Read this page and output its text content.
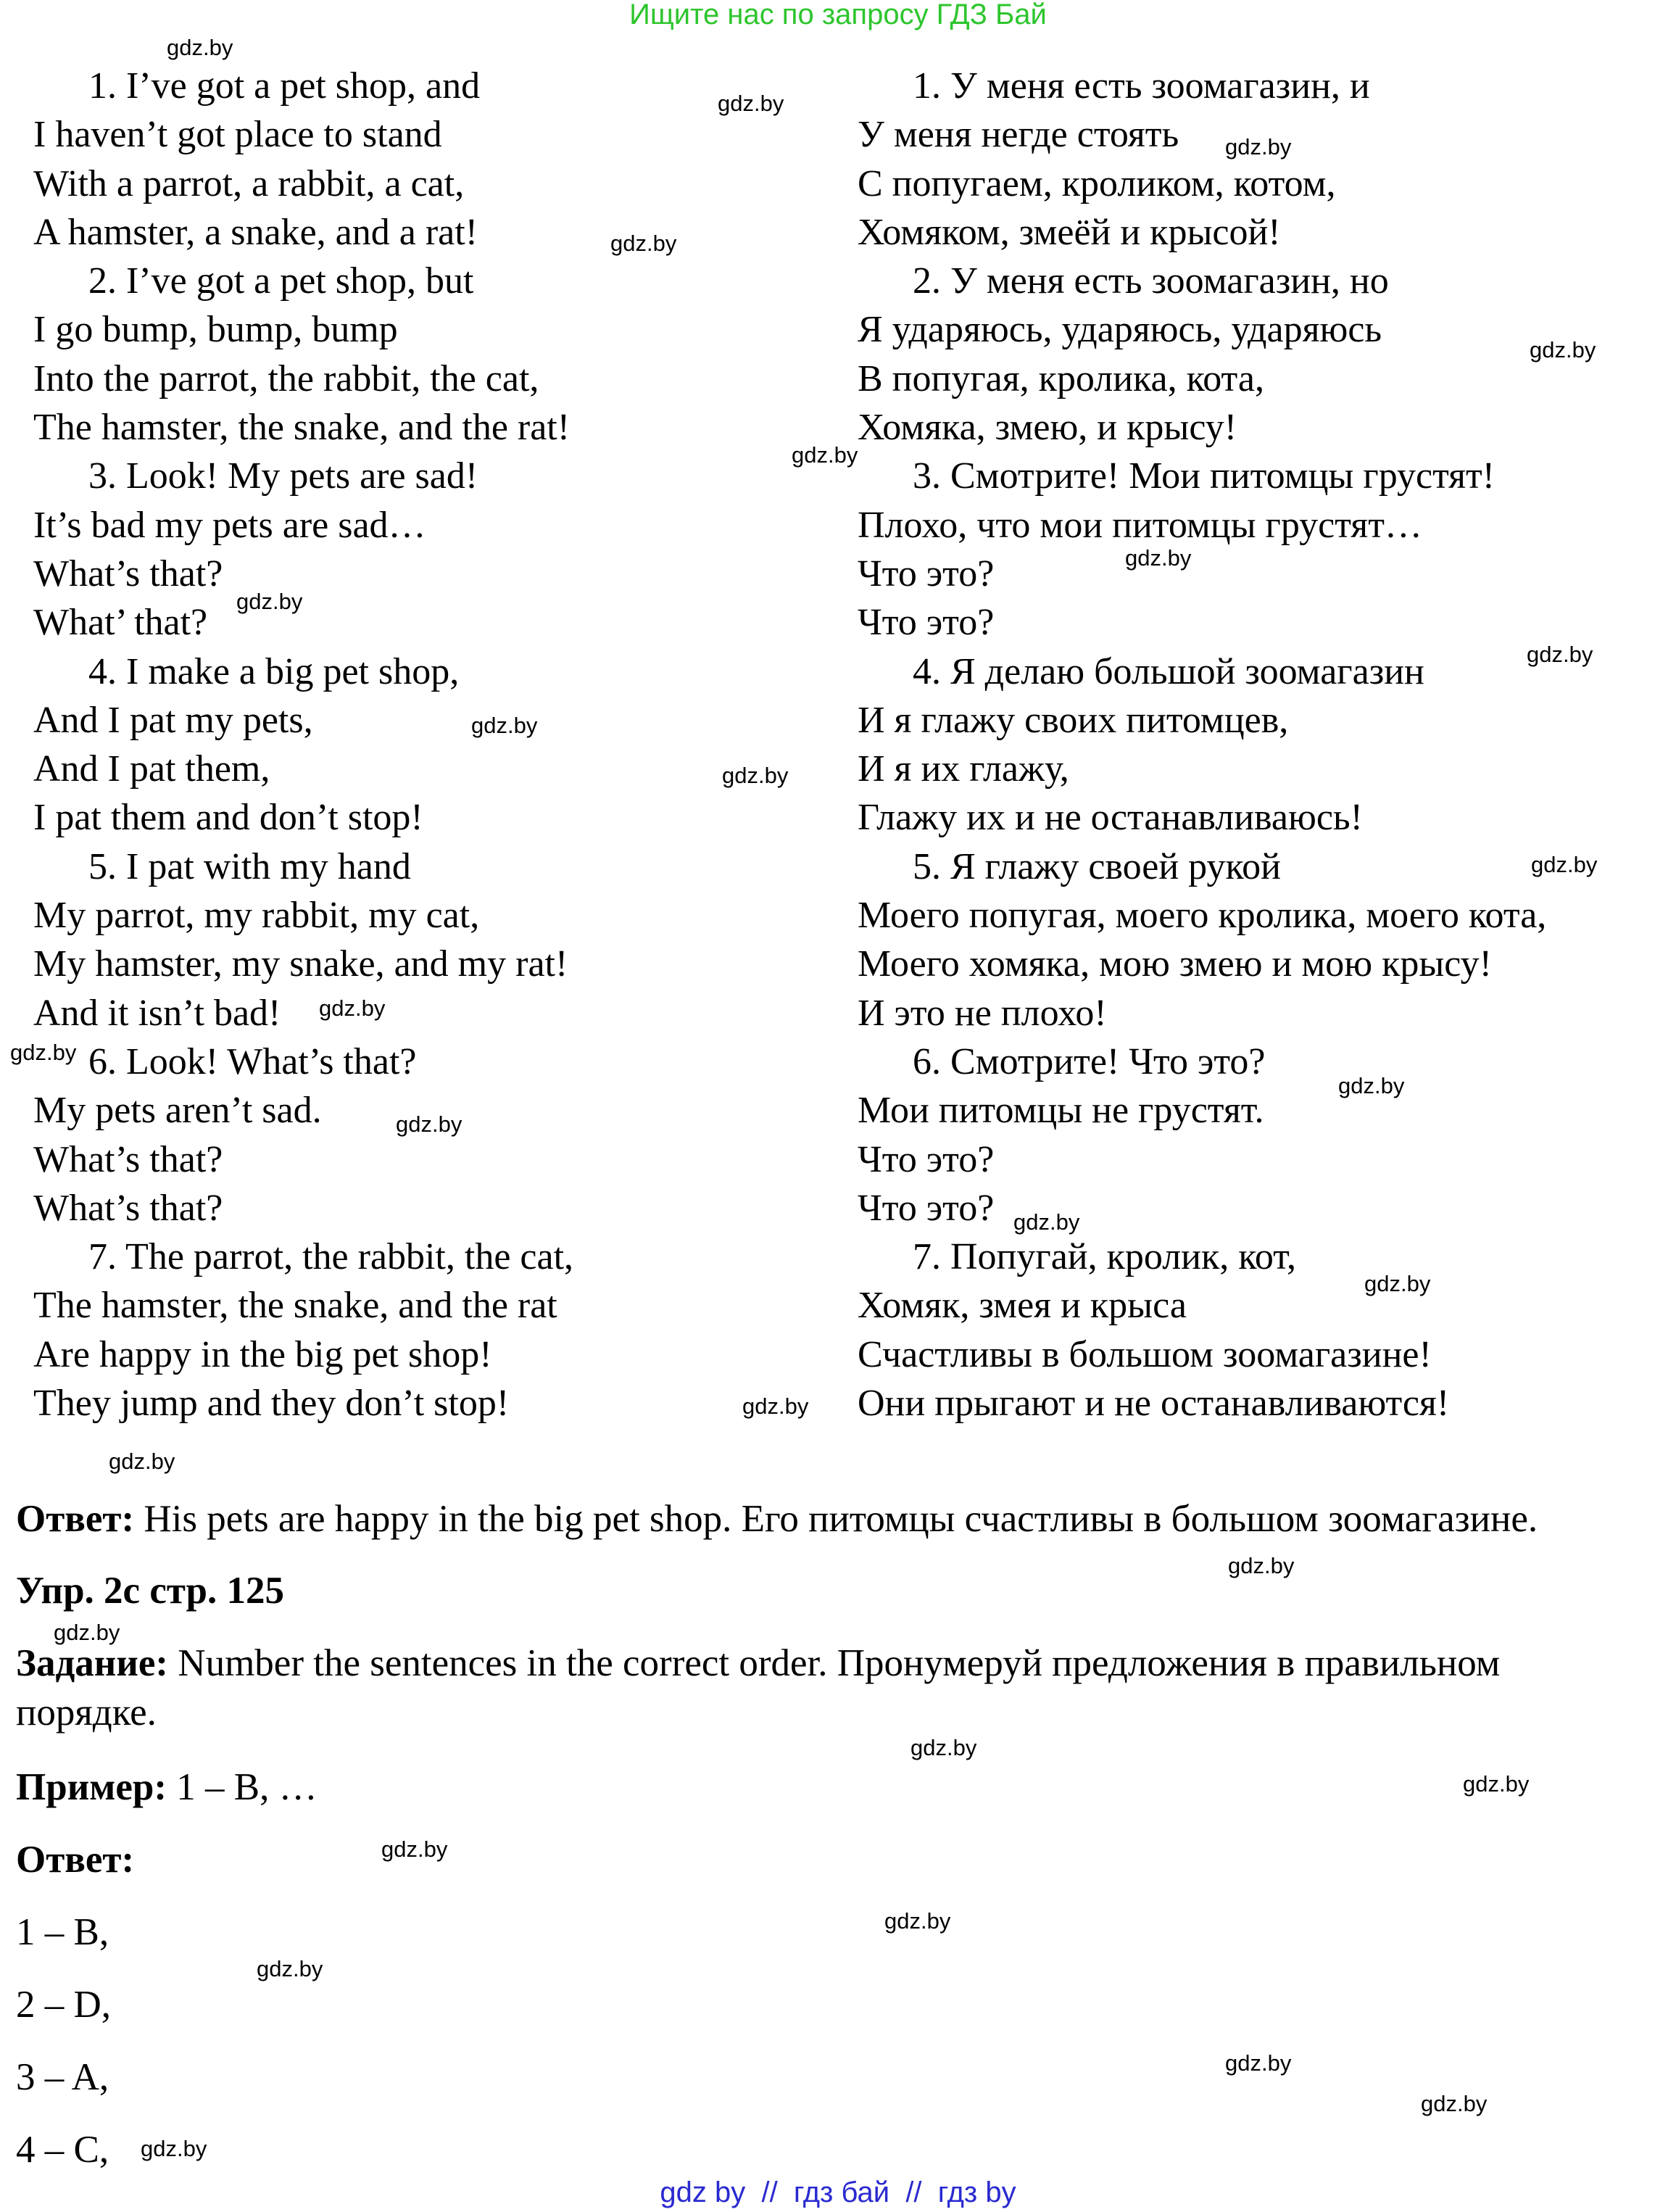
Ищите нас по запросу ГДЗ Бай
1. I’ve got a pet shop, and
I haven’t got place to stand
With a parrot, a rabbit, a cat,
A hamster, a snake, and a rat!
2. I’ve got a pet shop, but
I go bump, bump, bump
Into the parrot, the rabbit, the cat,
The hamster, the snake, and the rat!
3. Look! My pets are sad!
It’s bad my pets are sad…
What’s that?
What’ that?
4. I make a big pet shop,
And I pat my pets,
And I pat them,
I pat them and don’t stop!
5. I pat with my hand
My parrot, my rabbit, my cat,
My hamster, my snake, and my rat!
And it isn’t bad!
6. Look! What’s that?
My pets aren’t sad.
What’s that?
What’s that?
7. The parrot, the rabbit, the cat,
The hamster, the snake, and the rat
Are happy in the big pet shop!
They jump and they don’t stop!
1. У меня есть зоомагазин, и
У меня негде стоять
С попугаем, кроликом, котом,
Хомяком, змеёй и крысой!
2. У меня есть зоомагазин, но
Я ударяюсь, ударяюсь, ударяюсь
В попугая, кролика, кота,
Хомяка, змею, и крысу!
3. Смотрите! Мои питомцы грустят!
Плохо, что мои питомцы грустят…
Что это?
Что это?
4. Я делаю большой зоомагазин
И я глажу своих питомцев,
И я их глажу,
Глажу их и не останавливаюсь!
5. Я глажу своей рукой
Моего попугая, моего кролика, моего кота,
Моего хомяка, мою змею и мою крысу!
И это не плохо!
6. Смотрите! Что это?
Мои питомцы не грустят.
Что это?
Что это?
7. Попугай, кролик, кот,
Хомяк, змея и крыса
Счастливы в большом зоомагазине!
Они прыгают и не останавливаются!
Ответ: His pets are happy in the big pet shop. Его питомцы счастливы в большом зоомагазине.
Упр. 2с стр. 125
Задание: Number the sentences in the correct order. Пронумеруй предложения в правильном
порядке.
Пример: 1 – B, …
Ответ:
1 – B,
2 – D,
3 – A,
4 – C,
gdz.by
gdz.by
gdz.by
gdz.by
gdz.by
gdz.by
gdz.by
gdz.by
gdz.by
gdz.by
gdz.by
gdz.by
gdz.by
gdz.by
gdz.by
gdz.by
gdz.by
gdz.by
gdz.by
gdz.by
gdz.by
gdz.by
gdz.by
gdz.by
gdz.by
gdz.by
gdz.by
gdz.by
gdz.by
gdz.by
gdz by  //  гдз бай  //  гдз by
